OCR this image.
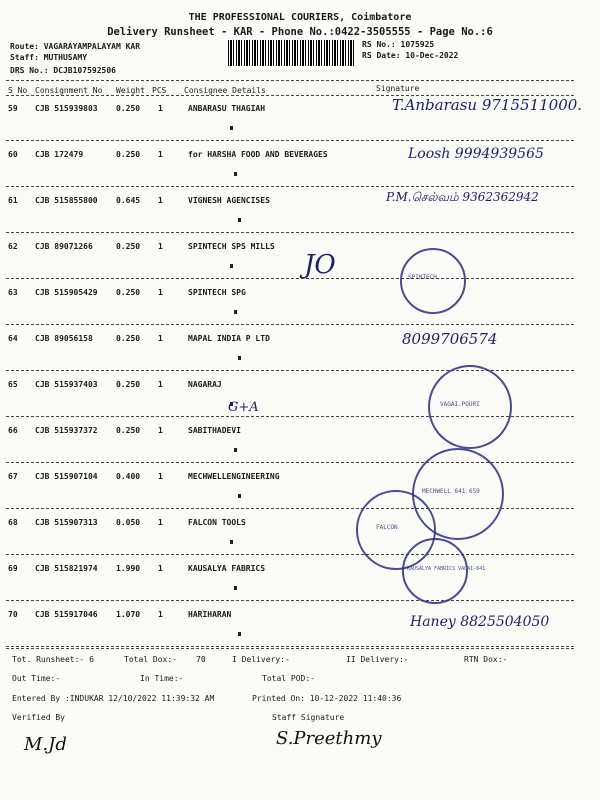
THE PROFESSIONAL COURIERS, Coimbatore
Delivery Runsheet - KAR - Phone No.:0422-3505555 - Page No.:6
Route: VAGARAYAMPALAYAM KAR
Staff: MUTHUSAMY
DRS No.: DCJB107592506
RS No.: 1075925
RS Date: 10-Dec-2022
S No Consignment No Weight PCS Consignee Details	Signature
59 CJB 515939803 0.250 1	ANBARASU THAGIAH	T.Anbarasu 9715511000.
60 CJB 172479	0.250 1	for HARSHA FOOD AND BEVERAGES	Loosh 9994939565
61 CJB 515855800 0.645 1	VIGNESH AGENCISES	P.M.செல்வம் 9362362942
62 CJB 89071266	0.250 1	SPINTECH SPS MILLS
JO
63 CJB 515905429 0.250 1	SPINTECH SPG
64 CJB 89056158	0.250 1	MAPAL INDIA P LTD	8099706574
65 CJB 515937403 0.250 1	NAGARAJ
G+A
66 CJB 515937372 0.250 1	SABITHADEVI
67 CJB 515907104 0.400 1	MECHWELLENGINEERING
68 CJB 515907313 0.050 1	FALCON TOOLS
69 CJB 515821974 1.990 1	KAUSALYA FABRICS
70 CJB 515917046 1.070 1	HARIHARAN	Haney 8825504050
SPINTECH
VAGAI.POURI
MECHWELL 641 659
FALCON
KAUSALYA FABRICS VAGAI-641
Tot. Runsheet:- 6	Total Dox:- 70	I Delivery:-	II Delivery:-	RTN Dox:-
Out Time:-	In Time:-	Total POD:-
Entered By :INDUKAR 12/10/2022 11:39:32 AM	Printed On: 10-12-2022 11:40:36
Verified By	Staff Signature
M.Jd	S.Preethmy
